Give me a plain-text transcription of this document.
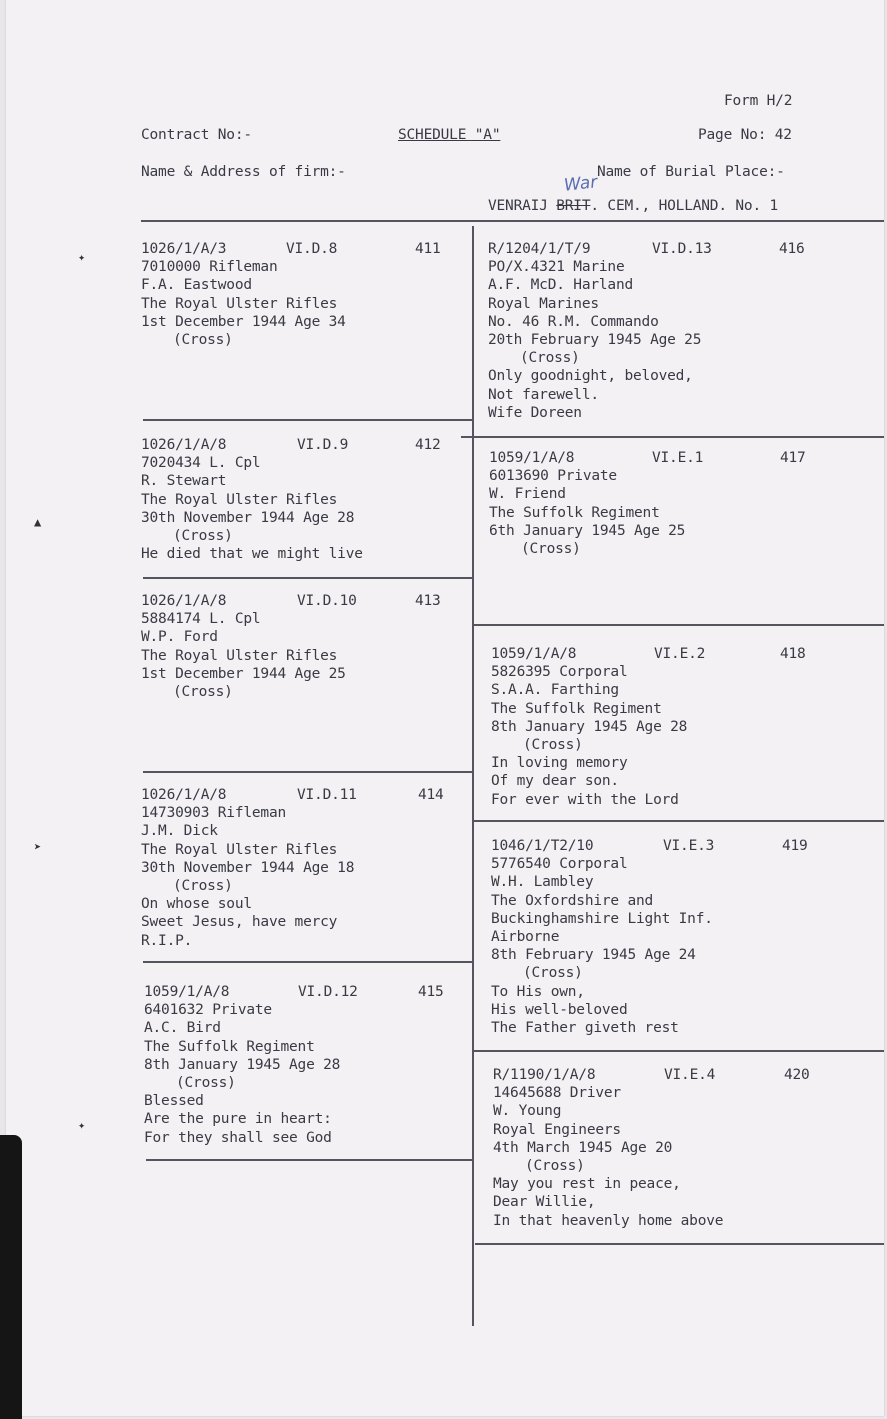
Form H/2
Contract No:-	SCHEDULE "A"	Page No: 42
Name & Address of firm:-	Name of Burial Place:-
War
VENRAIJ BRIT. CEM., HOLLAND. No. 1
1026/1/A/3	VI.D.8	411
7010000 Rifleman
F.A. Eastwood
The Royal Ulster Rifles
1st December 1944 Age 34
(Cross)
1026/1/A/8	VI.D.9	412
7020434 L. Cpl
R. Stewart
The Royal Ulster Rifles
30th November 1944 Age 28
(Cross)
He died that we might live
1026/1/A/8	VI.D.10	413
5884174 L. Cpl
W.P. Ford
The Royal Ulster Rifles
1st December 1944 Age 25
(Cross)
1026/1/A/8	VI.D.11	414
14730903 Rifleman
J.M. Dick
The Royal Ulster Rifles
30th November 1944 Age 18
(Cross)
On whose soul
Sweet Jesus, have mercy
R.I.P.
1059/1/A/8	VI.D.12	415
6401632 Private
A.C. Bird
The Suffolk Regiment
8th January 1945 Age 28
(Cross)
Blessed
Are the pure in heart:
For they shall see God
R/1204/1/T/9	VI.D.13	416
PO/X.4321 Marine
A.F. McD. Harland
Royal Marines
No. 46 R.M. Commando
20th February 1945 Age 25
(Cross)
Only goodnight, beloved,
Not farewell.
Wife Doreen
1059/1/A/8	VI.E.1	417
6013690 Private
W. Friend
The Suffolk Regiment
6th January 1945 Age 25
(Cross)
1059/1/A/8	VI.E.2	418
5826395 Corporal
S.A.A. Farthing
The Suffolk Regiment
8th January 1945 Age 28
(Cross)
In loving memory
Of my dear son.
For ever with the Lord
1046/1/T2/10	VI.E.3	419
5776540 Corporal
W.H. Lambley
The Oxfordshire and
Buckinghamshire Light Inf.
Airborne
8th February 1945 Age 24
(Cross)
To His own,
His well-beloved
The Father giveth rest
R/1190/1/A/8	VI.E.4	420
14645688 Driver
W. Young
Royal Engineers
4th March 1945 Age 20
(Cross)
May you rest in peace,
Dear Willie,
In that heavenly home above
✦
▲
➤
✦
